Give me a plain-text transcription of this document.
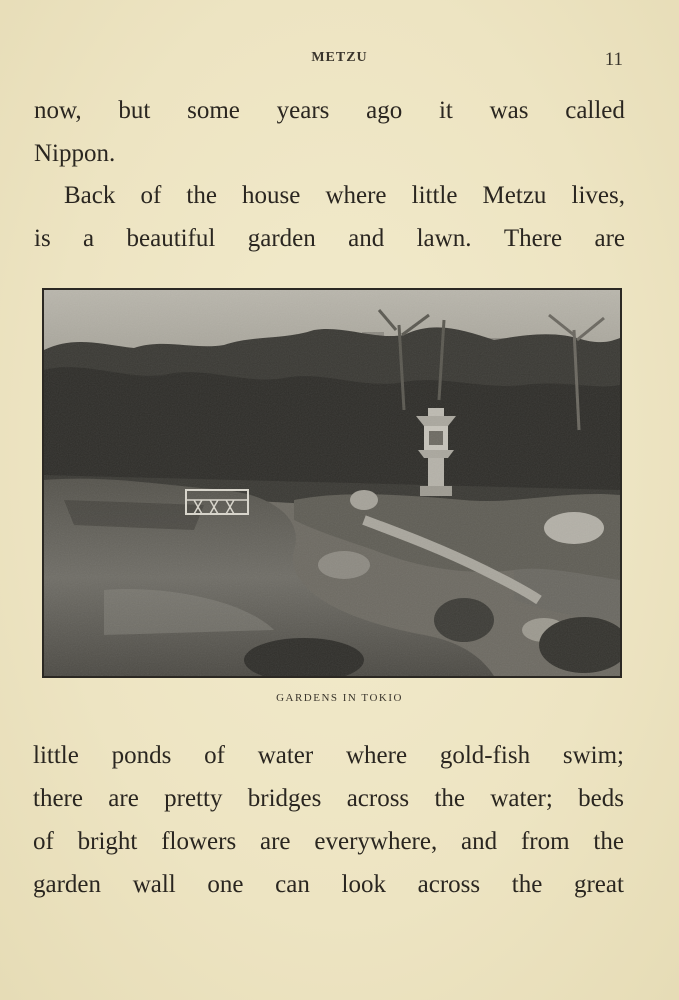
METZU	11
now, but some years ago it was called
Nippon.
Back of the house where little Metzu lives,
is a beautiful garden and lawn. There are
GARDENS IN TOKIO
little ponds of water where gold-fish swim;
there are pretty bridges across the water; beds
of bright flowers are everywhere, and from the
garden wall one can look across the great
